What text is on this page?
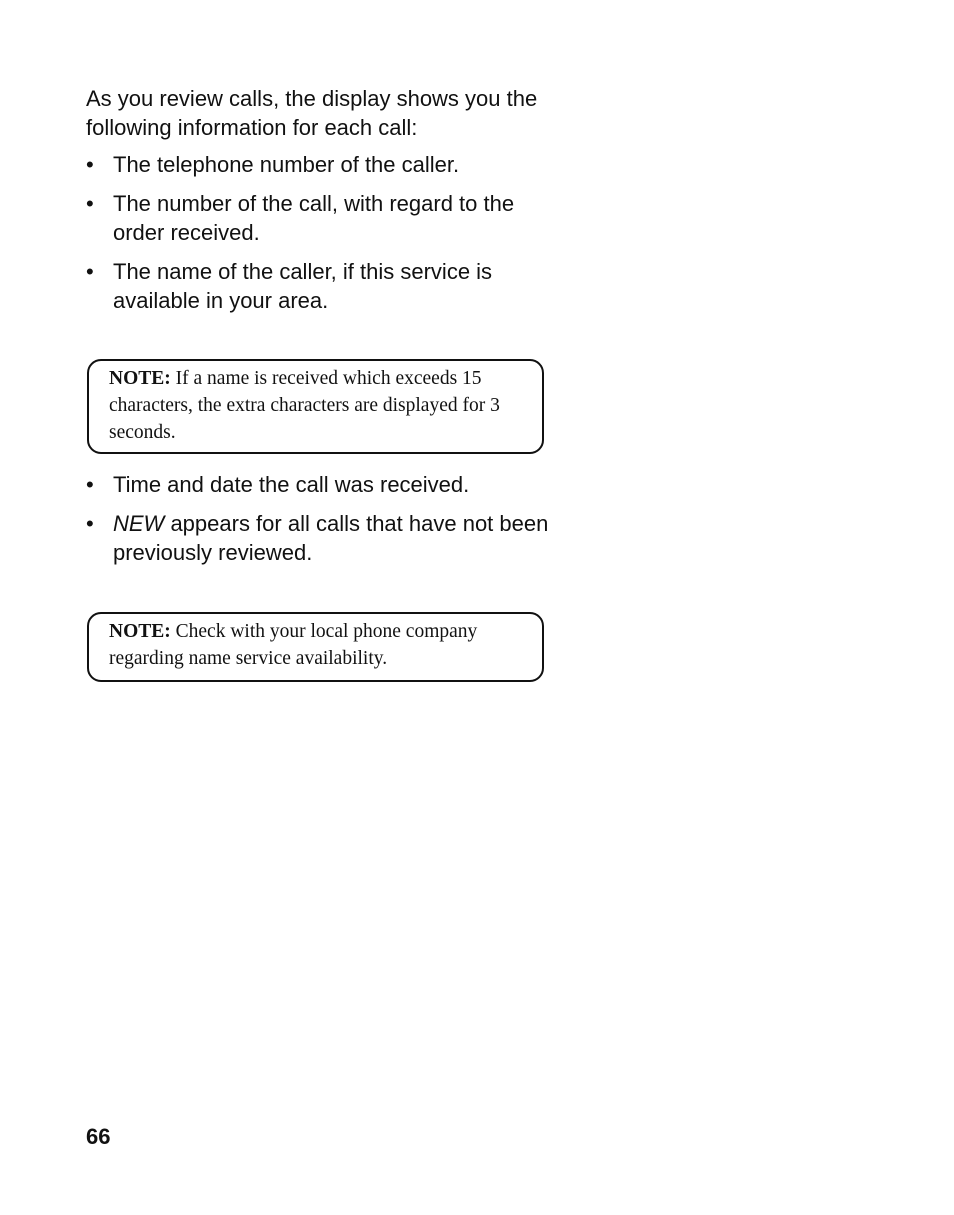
As you review calls, the display shows you the following information for each call:
• The telephone number of the caller.
• The number of the call, with regard to the order received.
• The name of the caller, if this service is available in your area.
NOTE: If a name is received which exceeds 15 characters, the extra characters are displayed for 3 seconds.
• Time and date the call was received.
• NEW appears for all calls that have not been previously reviewed.
NOTE: Check with your local phone company regarding name service availability.
66
